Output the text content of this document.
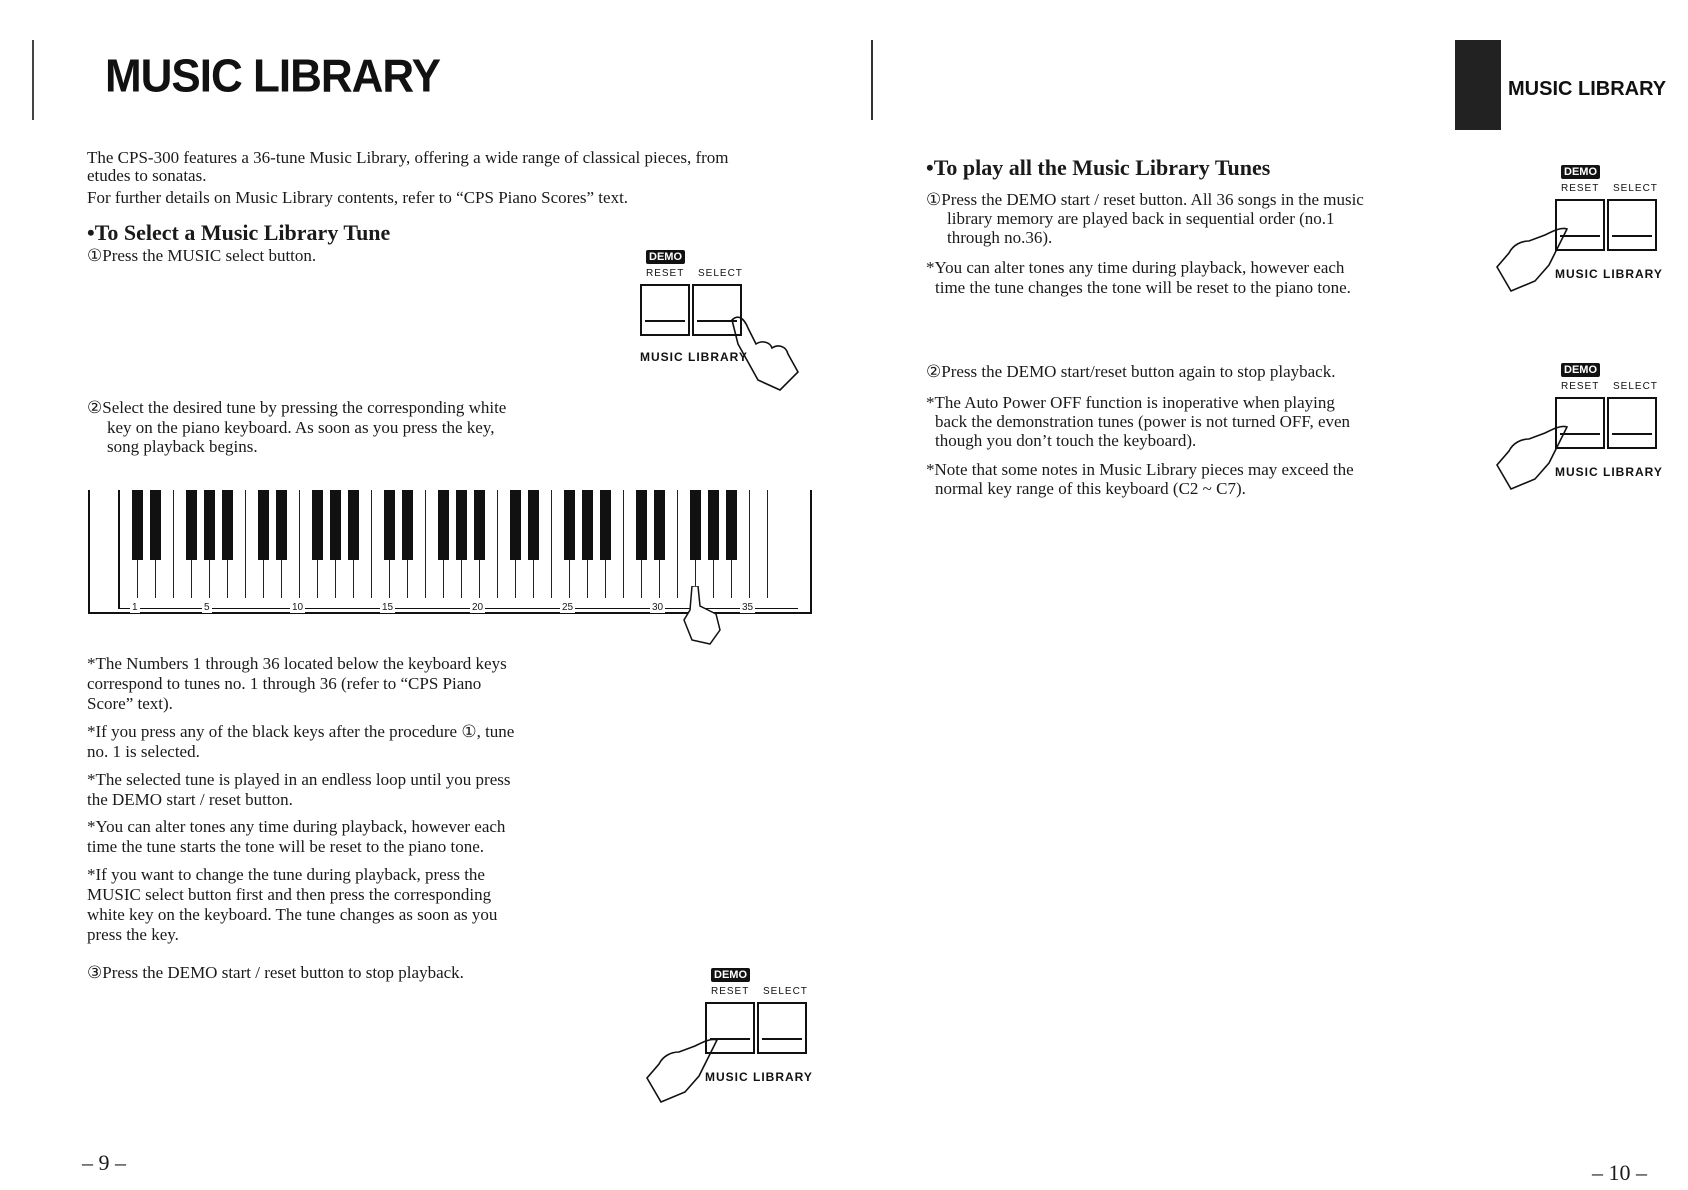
MUSIC LIBRARY	MUSIC LIBRARY
The CPS-300 features a 36-tune Music Library, offering a wide range of classical pieces, from
etudes to sonatas.
For further details on Music Library contents, refer to “CPS Piano Scores” text.
•To Select a Music Library Tune
①Press the MUSIC select button.	DEMO
RESET SELECT
MUSIC LIBRARY
②Select the desired tune by pressing the corresponding white
key on the piano keyboard. As soon as you press the key,
song playback begins.
1	5	10	15	20	25	30	35
*The Numbers 1 through 36 located below the keyboard keys
correspond to tunes no. 1 through 36 (refer to “CPS Piano
Score” text).
*If you press any of the black keys after the procedure ①, tune
no. 1 is selected.
*The selected tune is played in an endless loop until you press
the DEMO start / reset button.
*You can alter tones any time during playback, however each
time the tune starts the tone will be reset to the piano tone.
*If you want to change the tune during playback, press the
MUSIC select button first and then press the corresponding
white key on the keyboard. The tune changes as soon as you
press the key.
③Press the DEMO start / reset button to stop playback.	DEMO
RESET SELECT
MUSIC LIBRARY
– 9 –
•To play all the Music Library Tunes
①Press the DEMO start / reset button. All 36 songs in the music
library memory are played back in sequential order (no.1
through no.36).
*You can alter tones any time during playback, however each
time the tune changes the tone will be reset to the piano tone.
DEMO
RESET SELECT
MUSIC LIBRARY
②Press the DEMO start/reset button again to stop playback.
*The Auto Power OFF function is inoperative when playing
back the demonstration tunes (power is not turned OFF, even
though you don’t touch the keyboard).
*Note that some notes in Music Library pieces may exceed the
normal key range of this keyboard (C2 ~ C7).
DEMO
RESET SELECT
MUSIC LIBRARY
– 10 –
